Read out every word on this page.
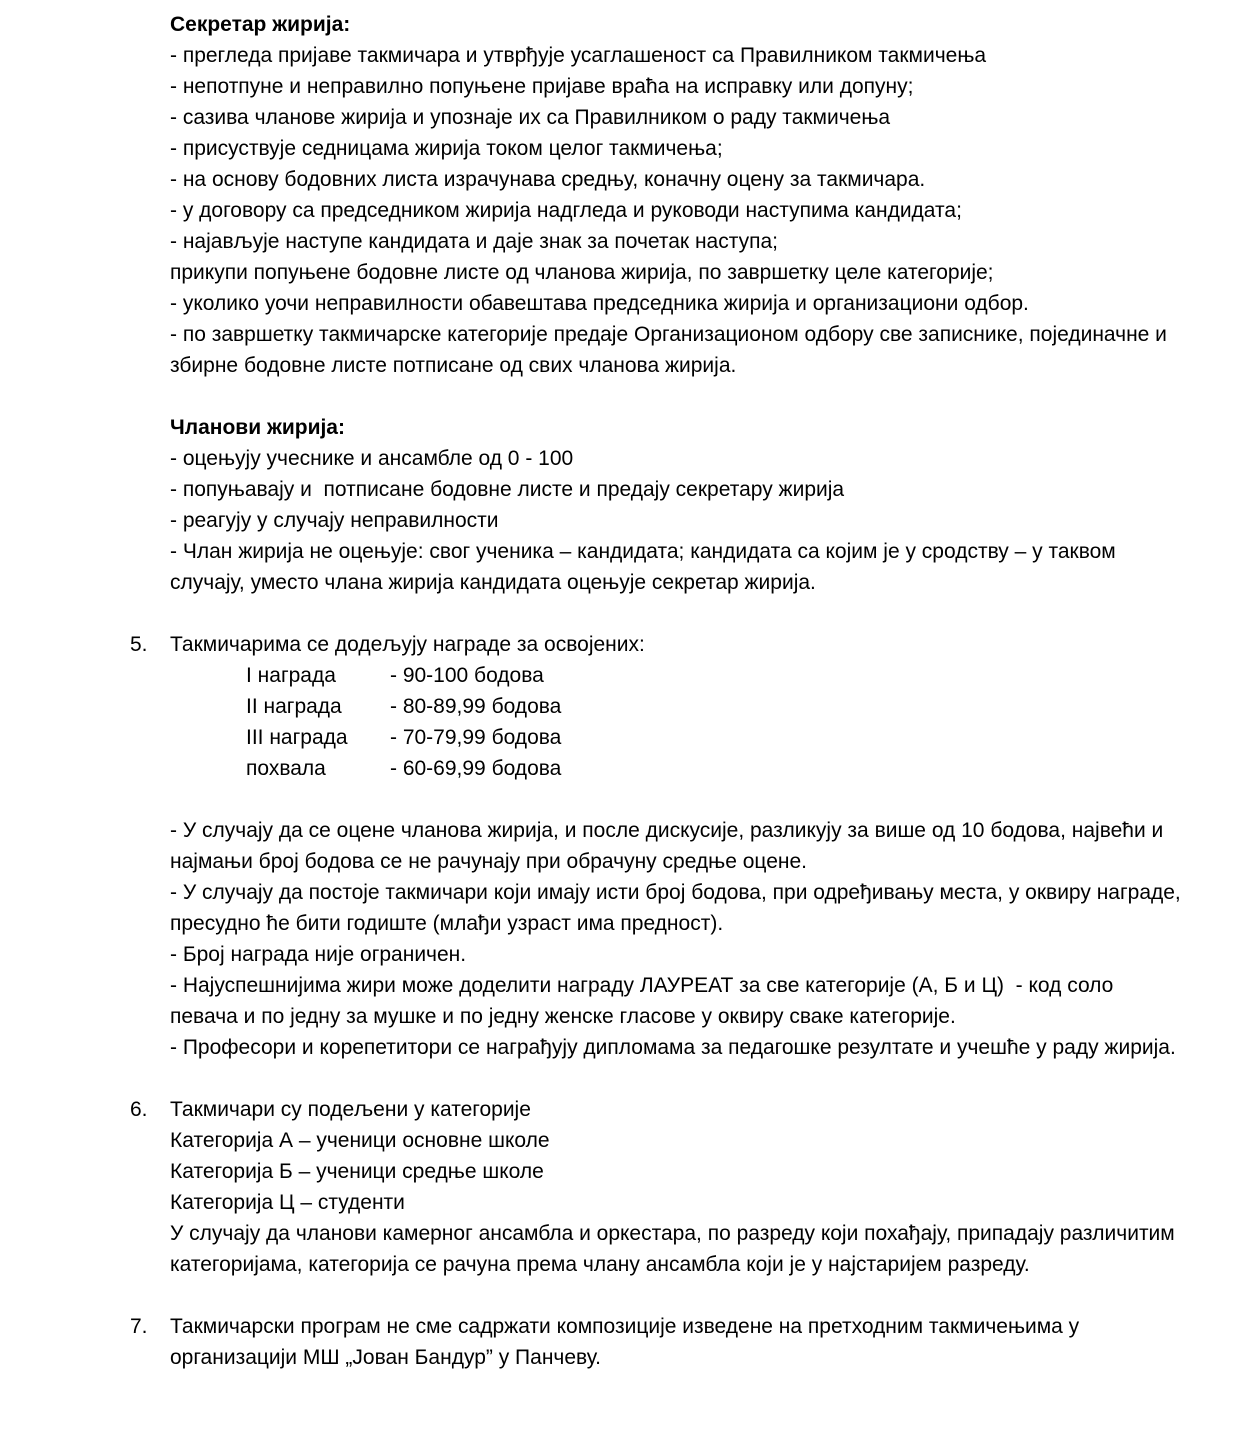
Секретар жирија:

- прегледа пријаве такмичара и утврђује усаглашеност са Правилником такмичења

- непотпуне и неправилно попуњене пријаве враћа на исправку или допуну;

- сазива чланове жирија и упознаје их са Правилником о раду такмичења

- присуствује седницама жирија током целог такмичења;

- на основу бодовних листа израчунава средњу, коначну оцену за такмичара.

- у договору са председником жирија надгледа и руководи наступима кандидата;

- најављује наступе кандидата и даје знак за почетак наступа;

прикупи попуњене бодовне листе од чланова жирија, по завршетку целе категорије;

- уколико уочи неправилности обавештава председника жирија и организациони одбор.

- по завршетку такмичарске категорије предаје Организационом одбору све записнике, појединачне и збирне бодовне листе потписане од свих чланова жирија.

Чланови жирија:

- оцењују учеснике и ансамбле од 0 - 100

- попуњавају и  потписане бодовне листе и предају секретару жирија

- реагују у случају неправилности

- Члан жирија не оцењује: свог ученика – кандидата; кандидата са којим је у сродству – у таквом случају, уместо члана жирија кандидата оцењује секретар жирија.

5. Такмичарима се додељују награде за освојених:

I награда	- 90-100 бодова
II награда	- 80-89,99 бодова
III награда	- 70-79,99 бодова
похвала	- 60-69,99 бодова

- У случају да се оцене чланова жирија, и после дискусије, разликују за више од 10 бодова, највећи и најмањи број бодова се не рачунају при обрачуну средње оцене.

- У случају да постоје такмичари који имају исти број бодова, при одређивању места, у оквиру награде, пресудно ће бити годиште (млађи узраст има предност).

- Број награда није ограничен.

- Најуспешнијима жири може доделити награду ЛАУРЕАТ за све категорије (А, Б и Ц)  - код соло певача и по једну за мушке и по једну женске гласове у оквиру сваке категорије.

- Професори и корепетитори се награђују дипломама за педагошке резултате и учешће у раду жирија.

6. Такмичари су подељени у категорије

Категорија А – ученици основне школе

Категорија Б – ученици средње школе

Категорија Ц – студенти

У случају да чланови камерног ансамбла и оркестара, по разреду који похађају, припадају различитим категоријама, категорија се рачуна према члану ансамбла који је у најстаријем разреду.

7. Такмичарски програм не сме садржати композиције изведене на претходним такмичењима у организацији МШ „Јован Бандур” у Панчеву.
